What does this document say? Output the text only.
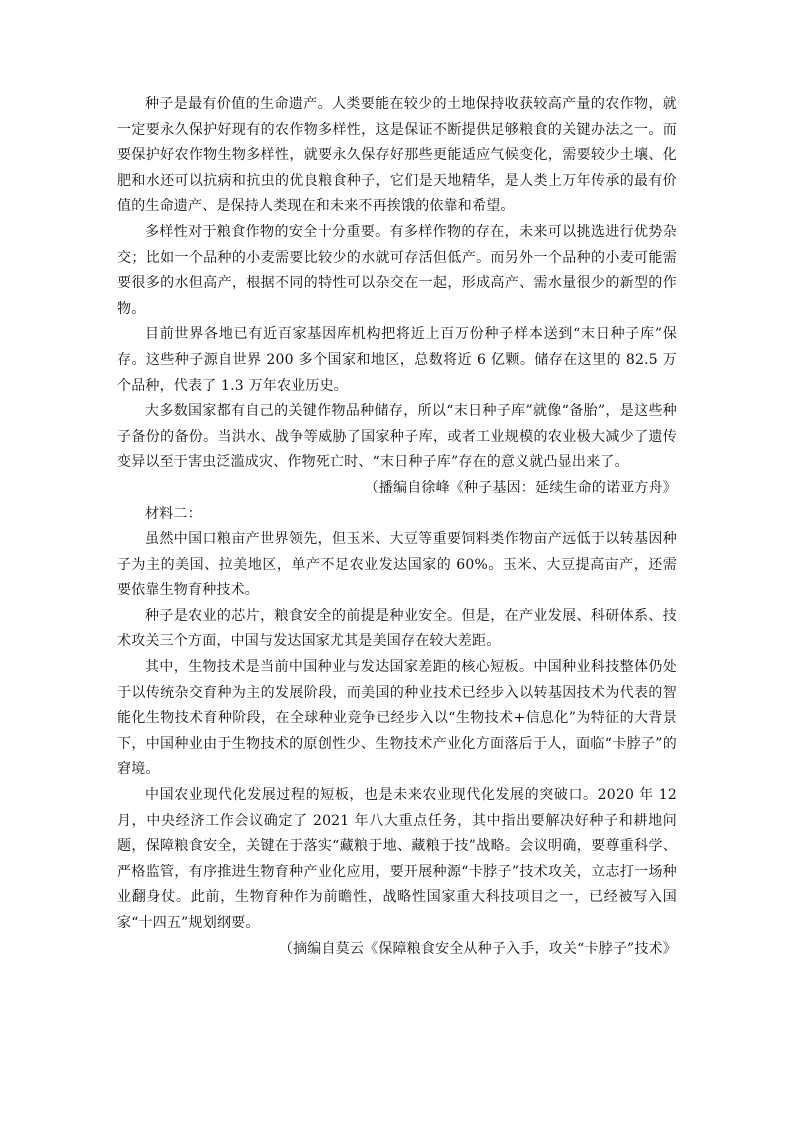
种子是最有价值的生命遗产。人类要能在较少的土地保持收获较高产量的农作物，就一定要永久保护好现有的农作物多样性，这是保证不断提供足够粮食的关键办法之一。而要保护好农作物生物多样性，就要永久保存好那些更能适应气候变化，需要较少土壤、化肥和水还可以抗病和抗虫的优良粮食种子，它们是天地精华，是人类上万年传承的最有价值的生命遗产、是保持人类现在和未来不再挨饿的依靠和希望。

多样性对于粮食作物的安全十分重要。有多样作物的存在，未来可以挑选进行优势杂交；比如一个品种的小麦需要比较少的水就可存活但低产。而另外一个品种的小麦可能需要很多的水但高产，根据不同的特性可以杂交在一起，形成高产、需水量很少的新型的作物。

目前世界各地已有近百家基因库机构把将近上百万份种子样本送到“末日种子库”保存。这些种子源自世界 200 多个国家和地区，总数将近 6 亿颗。储存在这里的 82.5 万个品种，代表了 1.3 万年农业历史。

大多数国家都有自己的关键作物品种储存，所以“末日种子库”就像“备胎”，是这些种子备份的备份。当洪水、战争等威胁了国家种子库，或者工业规模的农业极大减少了遗传变异以至于害虫泛滥成灾、作物死亡时、“末日种子库”存在的意义就凸显出来了。

（播编自徐峰《种子基因：延续生命的诺亚方舟》

材料二：

虽然中国口粮亩产世界领先，但玉米、大豆等重要饲料类作物亩产远低于以转基因种子为主的美国、拉美地区，单产不足农业发达国家的 60%。玉米、大豆提高亩产，还需要依靠生物育种技术。

种子是农业的芯片，粮食安全的前提是种业安全。但是，在产业发展、科研体系、技术攻关三个方面，中国与发达国家尤其是美国存在较大差距。

其中，生物技术是当前中国种业与发达国家差距的核心短板。中国种业科技整体仍处于以传统杂交育种为主的发展阶段，而美国的种业技术已经步入以转基因技术为代表的智能化生物技术育种阶段，在全球种业竞争已经步入以“生物技术+信息化”为特征的大背景下，中国种业由于生物技术的原创性少、生物技术产业化方面落后于人，面临“卡脖子”的窘境。

中国农业现代化发展过程的短板，也是未来农业现代化发展的突破口。2020 年 12 月，中央经济工作会议确定了 2021 年八大重点任务，其中指出要解决好种子和耕地问题，保障粮食安全，关键在于落实“藏粮于地、藏粮于技”战略。会议明确，要尊重科学、严格监管，有序推进生物育种产业化应用，要开展种源“卡脖子”技术攻关，立志打一场种业翻身仗。此前，生物育种作为前瞻性，战略性国家重大科技项目之一，已经被写入国家“十四五”规划纲要。

（摘编自莫云《保障粮食安全从种子入手，攻关“卡脖子”技术》
